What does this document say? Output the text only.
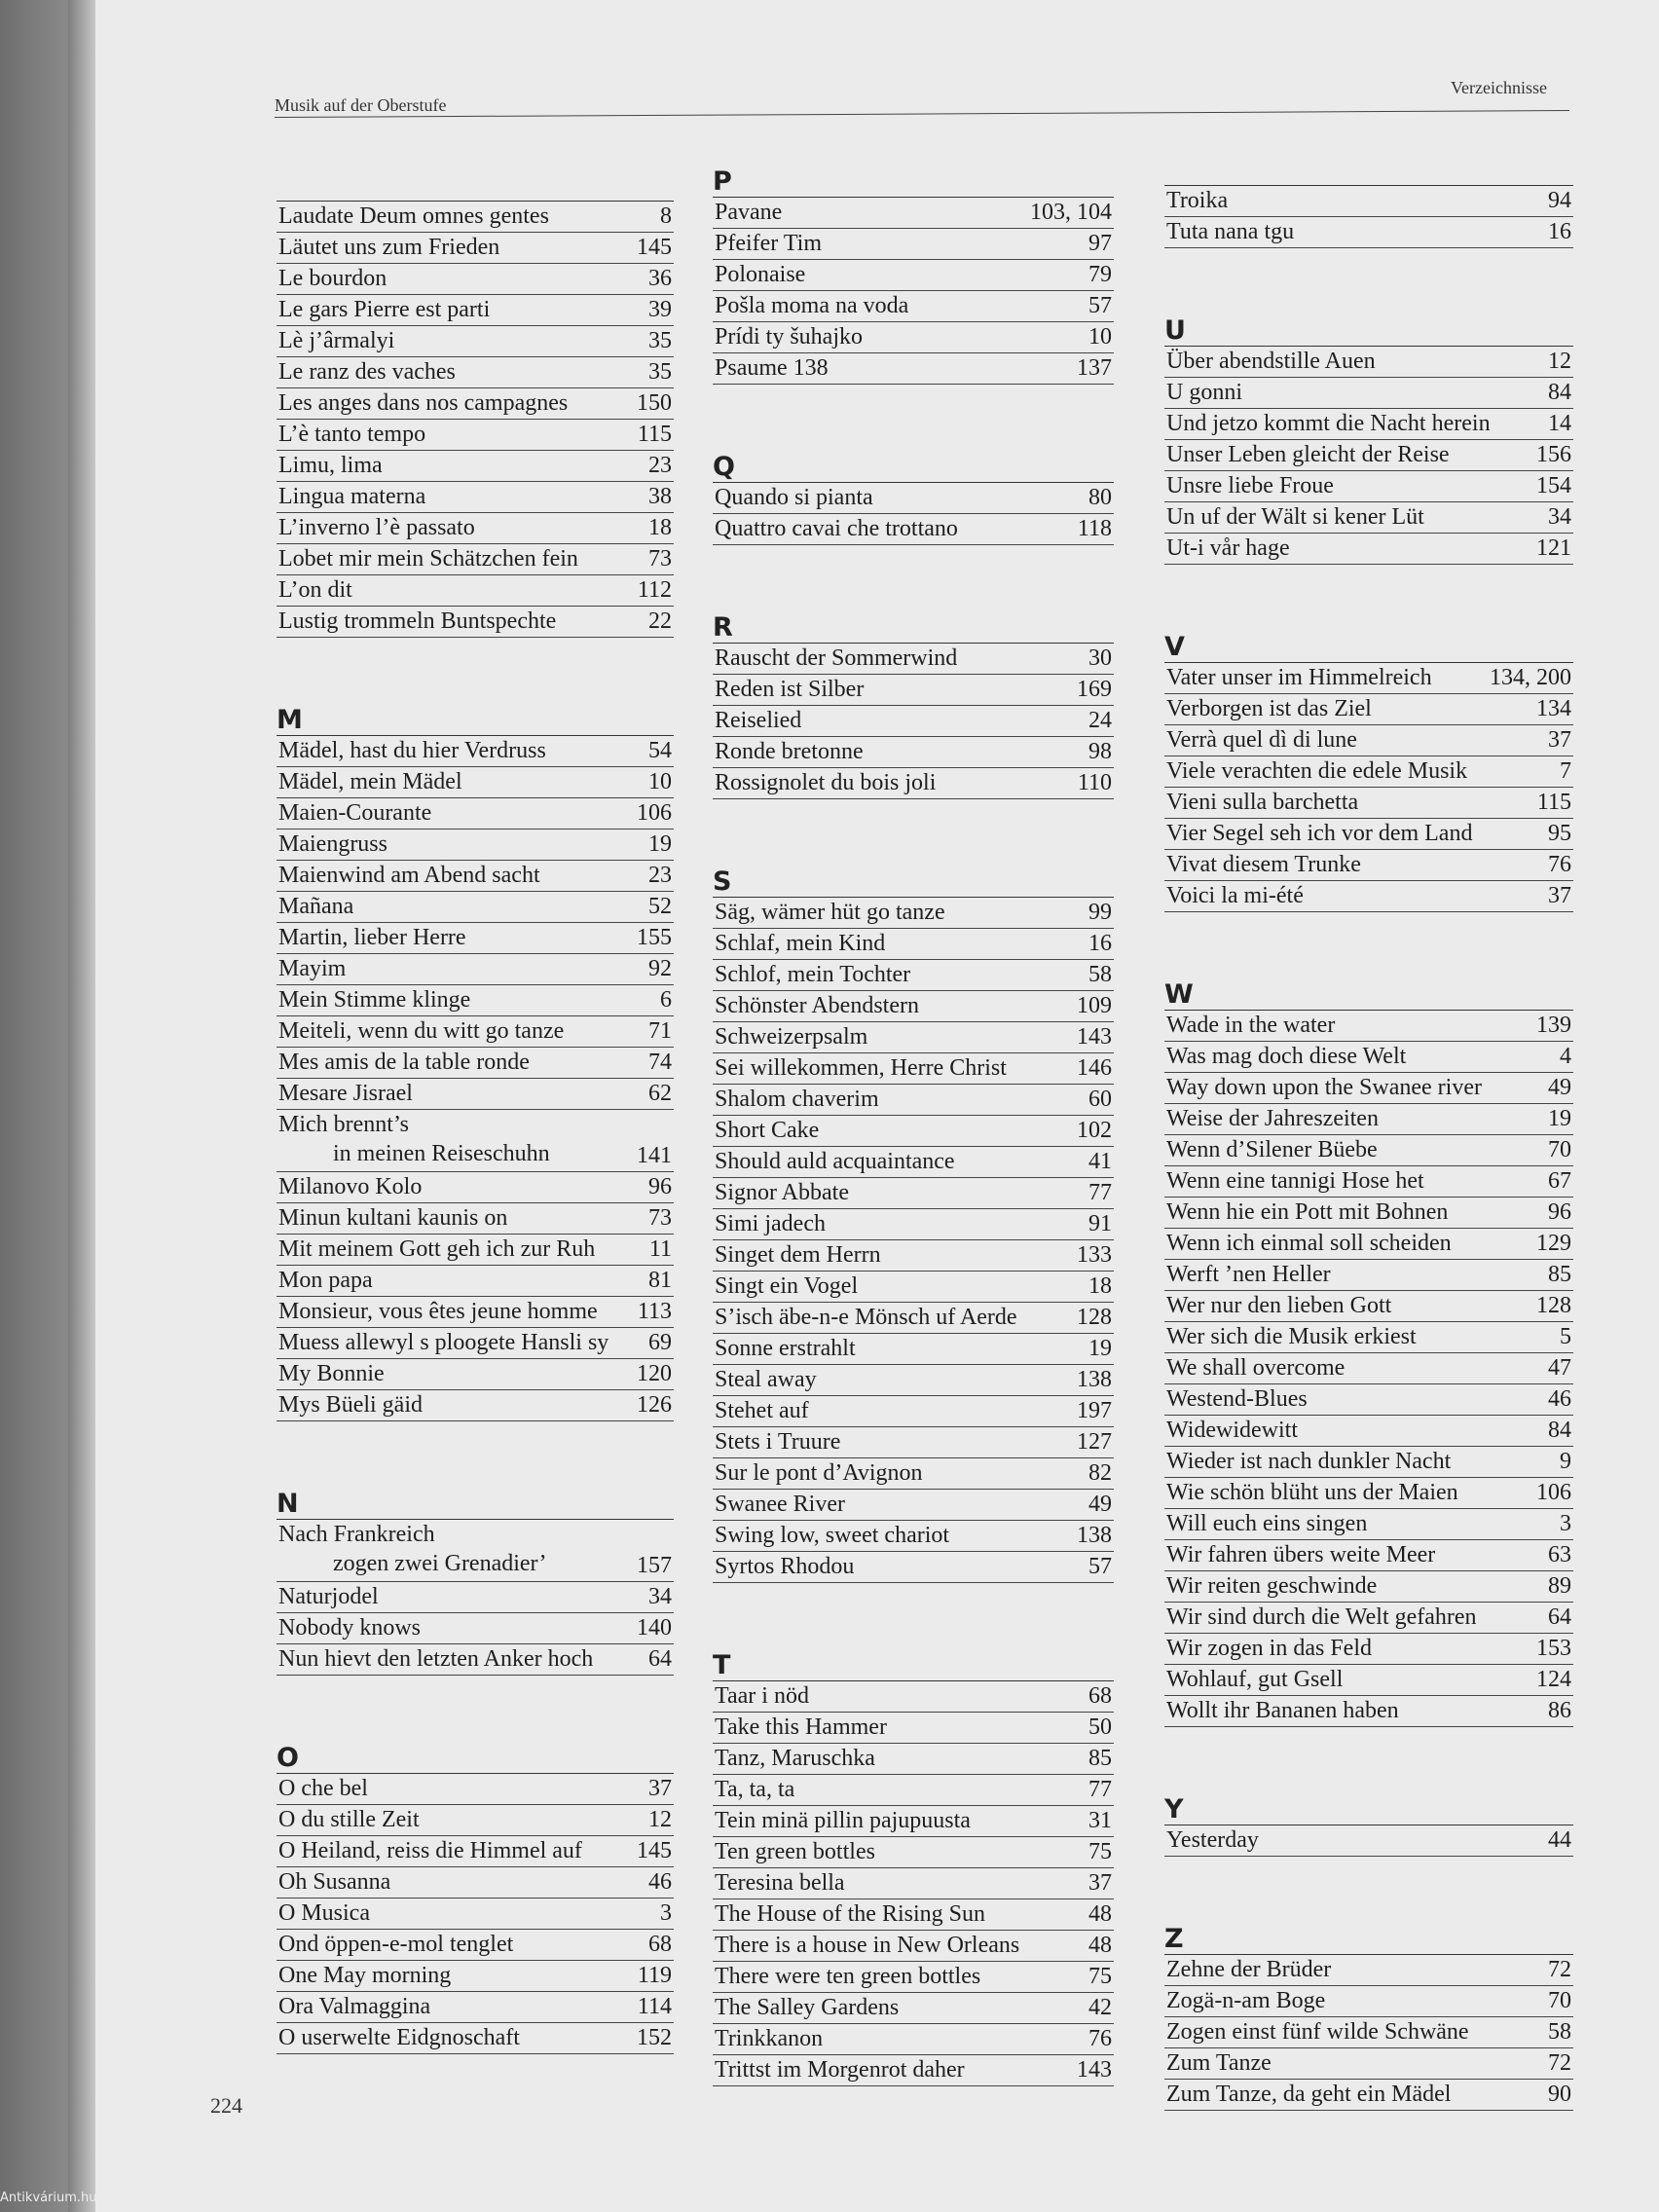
Musik auf der Oberstufe
Verzeichnisse
Laudate Deum omnes gentes	8
Läutet uns zum Frieden	145
Le bourdon	36
Le gars Pierre est parti	39
Lè j’ârmalyi	35
Le ranz des vaches	35
Les anges dans nos campagnes	150
L’è tanto tempo	115
Limu, lima	23
Lingua materna	38
L’inverno l’è passato	18
Lobet mir mein Schätzchen fein	73
L’on dit	112
Lustig trommeln Buntspechte	22
M
Mädel, hast du hier Verdruss	54
Mädel, mein Mädel	10
Maien-Courante	106
Maiengruss	19
Maienwind am Abend sacht	23
Mañana	52
Martin, lieber Herre	155
Mayim	92
Mein Stimme klinge	6
Meiteli, wenn du witt go tanze	71
Mes amis de la table ronde	74
Mesare Jisrael	62
Mich brennt’s
in meinen Reiseschuhn	141
Milanovo Kolo	96
Minun kultani kaunis on	73
Mit meinem Gott geh ich zur Ruh 11
Mon papa	81
Monsieur, vous êtes jeune homme 113
Muess allewyl s ploogete Hansli sy 69
My Bonnie	120
Mys Büeli gäid	126
N
Nach Frankreich
zogen zwei Grenadier’	157
Naturjodel	34
Nobody knows	140
Nun hievt den letzten Anker hoch 64
O
O che bel	37
O du stille Zeit	12
O Heiland, reiss die Himmel auf 145
Oh Susanna	46
O Musica	3
Ond öppen-e-mol tenglet	68
One May morning	119
Ora Valmaggina	114
O userwelte Eidgnoschaft	152
P
Pavane	103, 104
Pfeifer Tim	97
Polonaise	79
Pošla moma na voda	57
Prídi ty šuhajko	10
Psaume 138	137
Q
Quando si pianta	80
Quattro cavai che trottano	118
R
Rauscht der Sommerwind	30
Reden ist Silber	169
Reiselied	24
Ronde bretonne	98
Rossignolet du bois joli	110
S
Säg, wämer hüt go tanze	99
Schlaf, mein Kind	16
Schlof, mein Tochter	58
Schönster Abendstern	109
Schweizerpsalm	143
Sei willekommen, Herre Christ	146
Shalom chaverim	60
Short Cake	102
Should auld acquaintance	41
Signor Abbate	77
Simi jadech	91
Singet dem Herrn	133
Singt ein Vogel	18
S’isch äbe-n-e Mönsch uf Aerde	128
Sonne erstrahlt	19
Steal away	138
Stehet auf	197
Stets i Truure	127
Sur le pont d’Avignon	82
Swanee River	49
Swing low, sweet chariot	138
Syrtos Rhodou	57
T
Taar i nöd	68
Take this Hammer	50
Tanz, Maruschka	85
Ta, ta, ta	77
Tein minä pillin pajupuusta	31
Ten green bottles	75
Teresina bella	37
The House of the Rising Sun	48
There is a house in New Orleans	48
There were ten green bottles	75
The Salley Gardens	42
Trinkkanon	76
Trittst im Morgenrot daher	143
Troika	94
Tuta nana tgu	16
U
Über abendstille Auen	12
U gonni	84
Und jetzo kommt die Nacht herein 14
Unser Leben gleicht der Reise	156
Unsre liebe Froue	154
Un uf der Wält si kener Lüt	34
Ut-i vår hage	121
V
Vater unser im Himmelreich 134, 200
Verborgen ist das Ziel	134
Verrà quel dì di lune	37
Viele verachten die edele Musik	7
Vieni sulla barchetta	115
Vier Segel seh ich vor dem Land	95
Vivat diesem Trunke	76
Voici la mi-été	37
W
Wade in the water	139
Was mag doch diese Welt	4
Way down upon the Swanee river	49
Weise der Jahreszeiten	19
Wenn d’Silener Büebe	70
Wenn eine tannigi Hose het	67
Wenn hie ein Pott mit Bohnen	96
Wenn ich einmal soll scheiden	129
Werft ’nen Heller	85
Wer nur den lieben Gott	128
Wer sich die Musik erkiest	5
We shall overcome	47
Westend-Blues	46
Widewidewitt	84
Wieder ist nach dunkler Nacht	9
Wie schön blüht uns der Maien	106
Will euch eins singen	3
Wir fahren übers weite Meer	63
Wir reiten geschwinde	89
Wir sind durch die Welt gefahren	64
Wir zogen in das Feld	153
Wohlauf, gut Gsell	124
Wollt ihr Bananen haben	86
Y
Yesterday	44
Z
Zehne der Brüder	72
Zogä-n-am Boge	70
Zogen einst fünf wilde Schwäne	58
Zum Tanze	72
Zum Tanze, da geht ein Mädel	90
224
Antikvárium.hu
